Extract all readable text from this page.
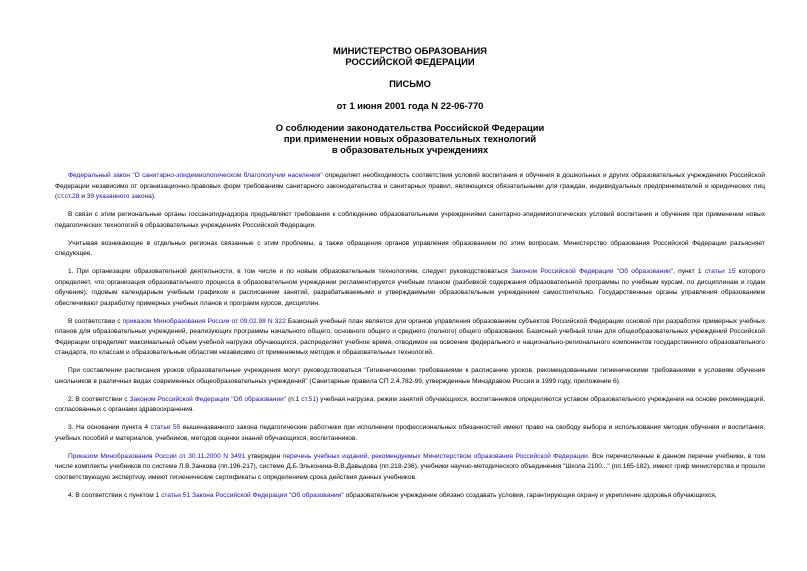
МИНИСТЕРСТВО ОБРАЗОВАНИЯ
РОССИЙСКОЙ ФЕДЕРАЦИИ
ПИСЬМО
от 1 июня 2001 года N 22-06-770
О соблюдении законодательства Российской Федерации
при применении новых образовательных технологий
в образовательных учреждениях

Федеральный закон "О санитарно-эпидемиологическом благополучии населения" определяет необходимость соответствия условий воспитания и обучения в дошкольных и других образовательных учреждениях Российской Федерации независимо от организационно-правовых форм требованиям санитарного законодательства и санитарных правил, являющихся обязательными для граждан, индивидуальных предпринимателей и юридических лиц (ст.ст.28 и 39 указанного закона).

В связи с этим региональные органы госсанэпиднадзора предъявляют требования к соблюдению образовательными учреждениями санитарно-эпидемиологических условий воспитания и обучения при применении новых педагогических технологий в образовательных учреждениях Российской Федерации.

Учитывая возникающие в отдельных регионах связанные с этим проблемы, а также обращения органов управления образованием по этим вопросам, Министерство образования Российской Федерации разъясняет следующее.

1. При организации образовательной деятельности, в том числе и по новым образовательным технологиям, следует руководствоваться Законом Российской Федерации "Об образовании", пункт 1 статьи 15 которого определяет, что организация образовательного процесса в образовательном учреждении регламентируется учебным планом (разбивкой содержания образовательной программы по учебным курсам, по дисциплинам и годам обучения), годовым календарным учебным графиком и расписанием занятий, разрабатываемыми и утверждаемыми образовательным учреждением самостоятельно. Государственные органы управления образованием обеспечивают разработку примерных учебных планов и программ курсов, дисциплин.

В соответствии с приказом Минобразования России от 09.02.98 N 322 Базисный учебный план является для органов управления образованием субъектов Российской Федерации основой при разработке примерных учебных планов для образовательных учреждений, реализующих программы начального общего, основного общего и среднего (полного) общего образования. Базисный учебный план для общеобразовательных учреждений Российской Федерации определяет максимальный объем учебной нагрузки обучающихся, распределяет учебное время, отводимое на освоение федерального и национально-регионального компонентов государственного образовательного стандарта, по классам и образовательным областям независимо от применяемых методик и образовательных технологий.

При составлении расписания уроков образовательные учреждения могут руководствоваться "Гигиеническими требованиями к расписанию уроков, рекомендованными гигиеническими требованиями к условиям обучения школьников в различных видах современных общеобразовательных учреждений" (Санитарные правила СП 2.4.782-99, утвержденные Минздравом России в 1999 году, приложение 6).

2. В соответствии с Законом Российской Федерации "Об образовании" (п.1 ст.51) учебная нагрузка, режим занятий обучающихся, воспитанников определяются уставом образовательного учреждения на основе рекомендаций, согласованных с органами здравоохранения.

3. На основании пункта 4 статьи 55 вышеназванного закона педагогические работники при исполнении профессиональных обязанностей имеют право на свободу выбора и использования методик обучения и воспитания, учебных пособий и материалов, учебников, методов оценки знаний обучающихся, воспитанников.

Приказом Минобразования России от 30.11.2000 N 3491 утвержден перечень учебных изданий, рекомендуемых Министерством образования Российской Федерации. Все перечисленные в данном перечне учебники, в том числе комплекты учебников по системе Л.В.Занкова (пп.196-217), системе Д.Б.Эльконина-В.В.Давыдова (пп.218-236), учебники научно-методического объединения "Школа 2100..." (пп.165-182), имеют гриф министерства и прошли соответствующую экспертизу, имеют гигиенические сертификаты с определением срока действия данных учебников.

4. В соответствии с пунктом 1 статьи 51 Закона Российской Федерации "Об образовании" образовательное учреждение обязано создавать условия, гарантирующие охрану и укрепление здоровья обучающихся,
